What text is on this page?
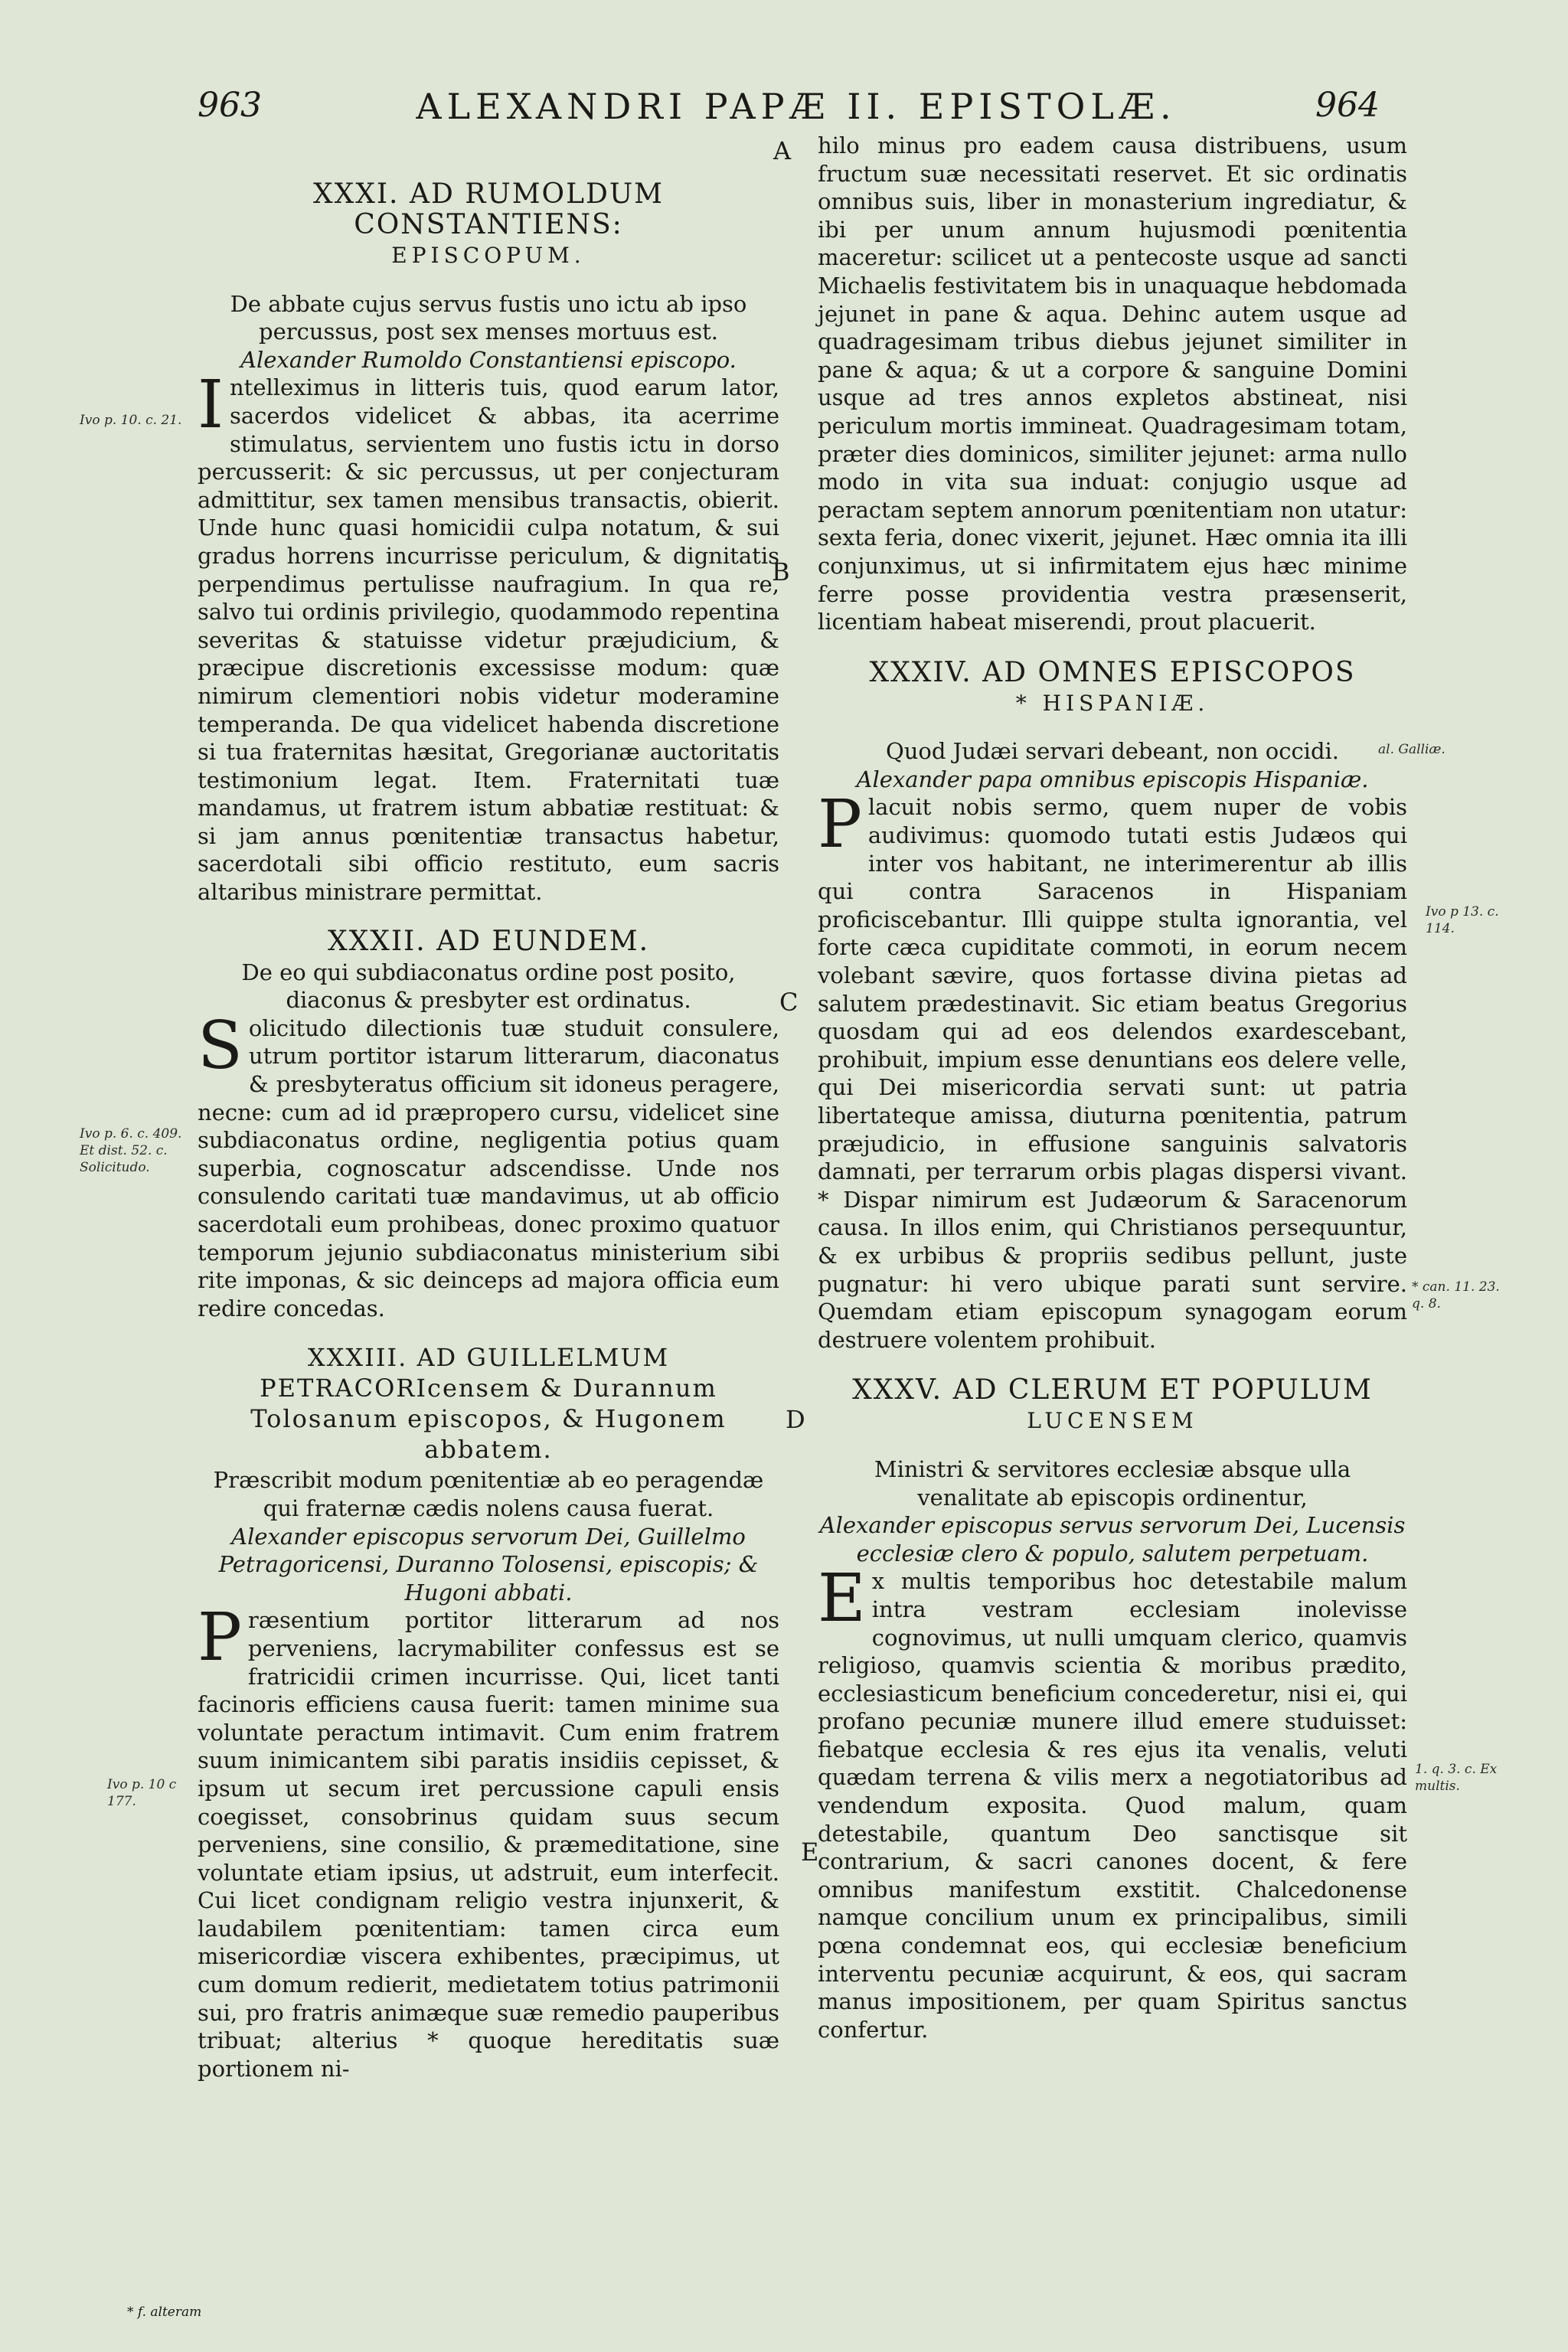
963	ALEXANDRI PAPÆ II. EPISTOLÆ.	964
XXXI. AD RUMOLDUM CONSTANTIENS:
EPISCOPUM.

De abbate cujus servus fustis uno ictu ab ipso percussus, post sex menses mortuus est.

Alexander Rumoldo Constantiensi episcopo.

Intelleximus in litteris tuis, quod earum lator, sacerdos videlicet & abbas, ita acerrime stimulatus, servientem uno fustis ictu in dorso percusserit: & sic percussus, ut per conjecturam admittitur, sex tamen mensibus transactis, obierit. Unde hunc quasi homicidii culpa notatum, & sui gradus horrens incurrisse periculum, & dignitatis perpendimus pertulisse naufragium. In qua re, salvo tui ordinis privilegio, quodammodo repentina severitas & statuisse videtur præjudicium, & præcipue discretionis excessisse modum: quæ nimirum clementiori nobis videtur moderamine temperanda. De qua videlicet habenda discretione si tua fraternitas hæsitat, Gregorianæ auctoritatis testimonium legat. Item. Fraternitati tuæ mandamus, ut fratrem istum abbatiæ restituat: & si jam annus pœnitentiæ transactus habetur, sacerdotali sibi officio restituto, eum sacris altaribus ministrare permittat.

XXXII. AD EUNDEM.

De eo qui subdiaconatus ordine post posito, diaconus & presbyter est ordinatus.

Solicitudo dilectionis tuæ studuit consulere, utrum portitor istarum litterarum, diaconatus & presbyteratus officium sit idoneus peragere, necne: cum ad id præpropero cursu, videlicet sine subdiaconatus ordine, negligentia potius quam superbia, cognoscatur adscendisse. Unde nos consulendo caritati tuæ mandavimus, ut ab officio sacerdotali eum prohibeas, donec proximo quatuor temporum jejunio subdiaconatus ministerium sibi rite imponas, & sic deinceps ad majora officia eum redire concedas.

XXXIII. AD GUILLELMUM PETRACORIcensem & Durannum Tolosanum episcopos, & Hugonem abbatem.

Præscribit modum pœnitentiæ ab eo peragendæ qui fraternæ cædis nolens causa fuerat.

Alexander episcopus servorum Dei, Guillelmo Petragoricensi, Duranno Tolosensi, episcopis; & Hugoni abbati.

Præsentium portitor litterarum ad nos perveniens, lacrymabiliter confessus est se fratricidii crimen incurrisse. Qui, licet tanti facinoris efficiens causa fuerit: tamen minime sua voluntate peractum intimavit. Cum enim fratrem suum inimicantem sibi paratis insidiis cepisset, & ipsum ut secum iret percussione capuli ensis coegisset, consobrinus quidam suus secum perveniens, sine consilio, & præmeditatione, sine voluntate etiam ipsius, ut adstruit, eum interfecit. Cui licet condignam religio vestra injunxerit, & laudabilem pœnitentiam: tamen circa eum misericordiæ viscera exhibentes, præcipimus, ut cum domum redierit, medietatem totius patrimonii sui, pro fratris animæque suæ remedio pauperibus tribuat; alterius * quoque hereditatis suæ portionem ni-

hilo minus pro eadem causa distribuens, usum fructum suæ necessitati reservet. Et sic ordinatis omnibus suis, liber in monasterium ingrediatur, & ibi per unum annum hujusmodi pœnitentia maceretur: scilicet ut a pentecoste usque ad sancti Michaelis festivitatem bis in unaquaque hebdomada jejunet in pane & aqua. Dehinc autem usque ad quadragesimam tribus diebus jejunet similiter in pane & aqua; & ut a corpore & sanguine Domini usque ad tres annos expletos abstineat, nisi periculum mortis immineat. Quadragesimam totam, præter dies dominicos, similiter jejunet: arma nullo modo in vita sua induat: conjugio usque ad peractam septem annorum pœnitentiam non utatur: sexta feria, donec vixerit, jejunet. Hæc omnia ita illi conjunximus, ut si infirmitatem ejus hæc minime ferre posse providentia vestra præsenserit, licentiam habeat miserendi, prout placuerit.

XXXIV. AD OMNES EPISCOPOS
* HISPANIÆ.

Quod Judæi servari debeant, non occidi.

Alexander papa omnibus episcopis Hispaniæ.

Placuit nobis sermo, quem nuper de vobis audivimus: quomodo tutati estis Judæos qui inter vos habitant, ne interimerentur ab illis qui contra Saracenos in Hispaniam proficiscebantur. Illi quippe stulta ignorantia, vel forte cæca cupiditate commoti, in eorum necem volebant sævire, quos fortasse divina pietas ad salutem prædestinavit. Sic etiam beatus Gregorius quosdam qui ad eos delendos exardescebant, prohibuit, impium esse denuntians eos delere velle, qui Dei misericordia servati sunt: ut patria libertateque amissa, diuturna pœnitentia, patrum præjudicio, in effusione sanguinis salvatoris damnati, per terrarum orbis plagas dispersi vivant. * Dispar nimirum est Judæorum & Saracenorum causa. In illos enim, qui Christianos persequuntur, & ex urbibus & propriis sedibus pellunt, juste pugnatur: hi vero ubique parati sunt servire. Quemdam etiam episcopum synagogam eorum destruere volentem prohibuit.

XXXV. AD CLERUM ET POPULUM
LUCENSEM

Ministri & servitores ecclesiæ absque ulla venalitate ab episcopis ordinentur,

Alexander episcopus servus servorum Dei, Lucensis ecclesiæ clero & populo, salutem perpetuam.

Ex multis temporibus hoc detestabile malum intra vestram ecclesiam inolevisse cognovimus, ut nulli umquam clerico, quamvis religioso, quamvis scientia & moribus prædito, ecclesiasticum beneficium concederetur, nisi ei, qui profano pecuniæ munere illud emere studuisset: fiebatque ecclesia & res ejus ita venalis, veluti quædam terrena & vilis merx a negotiatoribus ad vendendum exposita. Quod malum, quam detestabile, quantum Deo sanctisque sit contrarium, & sacri canones docent, & fere omnibus manifestum exstitit. Chalcedonense namque concilium unum ex principalibus, simili pœna condemnat eos, qui ecclesiæ beneficium interventu pecuniæ acquirunt, & eos, qui sacram manus impositionem, per quam Spiritus sanctus confertur.

Ivo p. 10. c. 21.
Ivo p. 6. c. 409. Et dist. 52. c. Solicitudo.
Ivo p. 10 c 177.
Ivo p 13. c. 114.
al. Galliæ.
* can. 11. 23. q. 8.
1. q. 3. c. Ex multis.
A
B
C
D
E
* f. alteram
